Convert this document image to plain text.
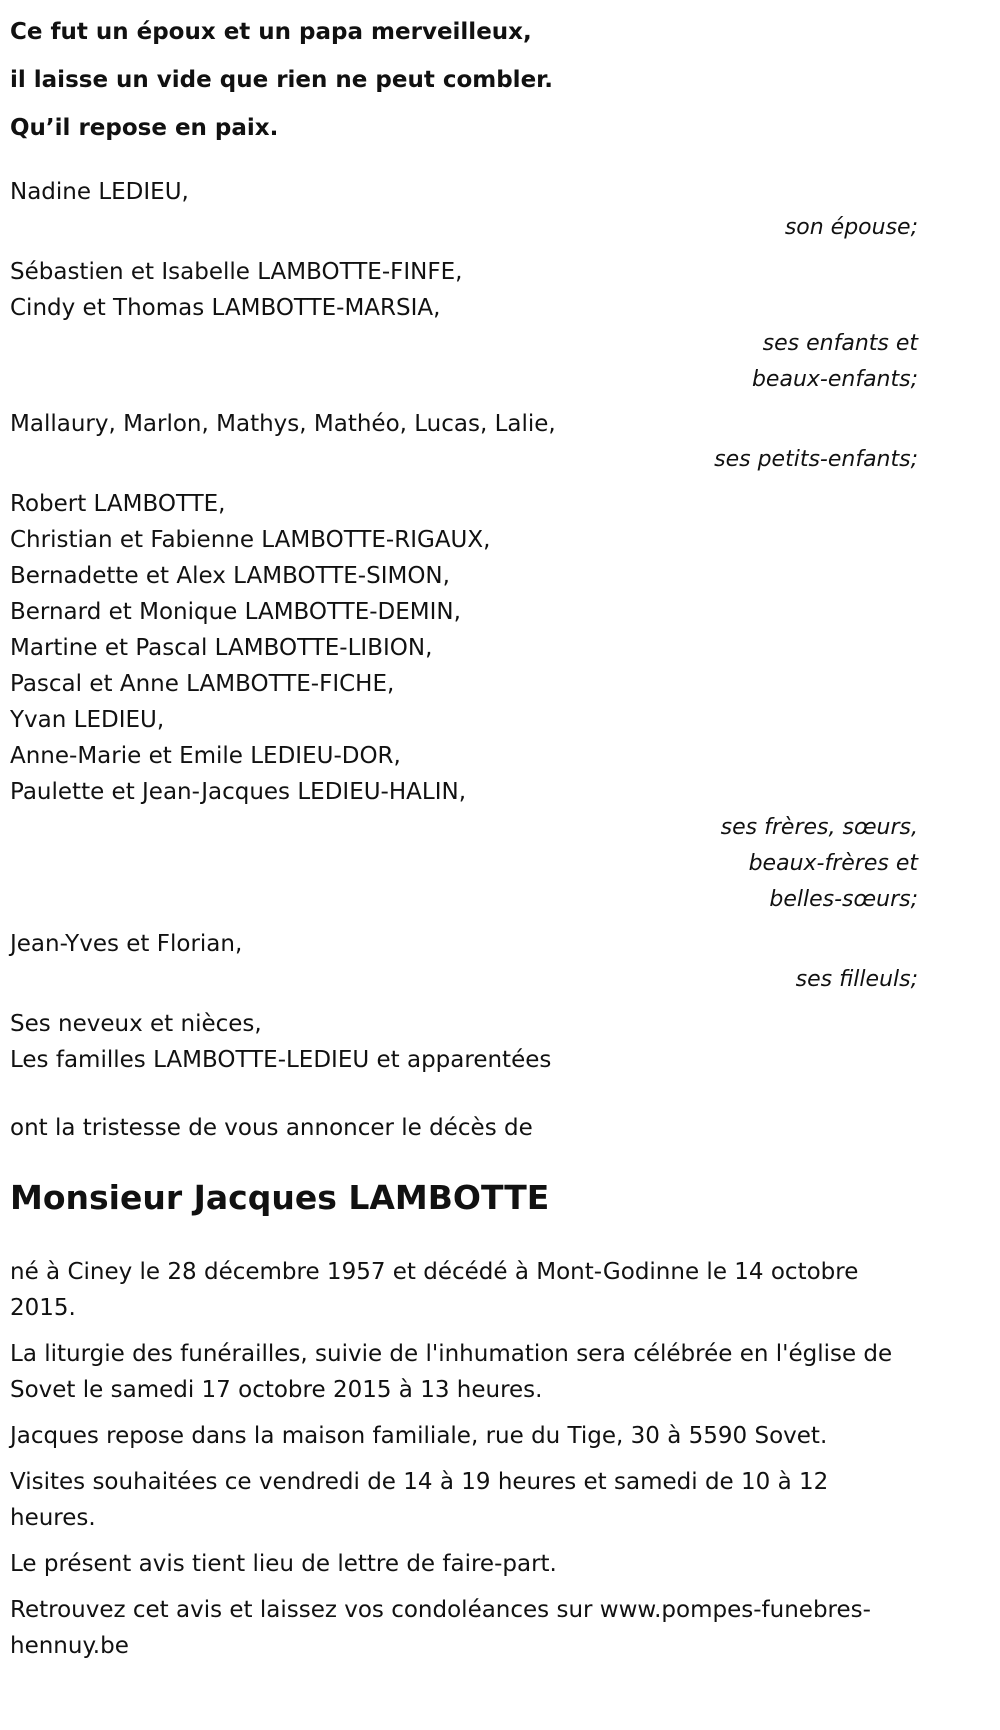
Ce fut un époux et un papa merveilleux,

il laisse un vide que rien ne peut combler.

Qu’il repose en paix.

Nadine LEDIEU,
son épouse;
Sébastien et Isabelle LAMBOTTE-FINFE,
Cindy et Thomas LAMBOTTE-MARSIA,
ses enfants et
beaux-enfants;
Mallaury, Marlon, Mathys, Mathéo, Lucas, Lalie,
ses petits-enfants;
Robert LAMBOTTE,
Christian et Fabienne LAMBOTTE-RIGAUX,
Bernadette et Alex LAMBOTTE-SIMON,
Bernard et Monique LAMBOTTE-DEMIN,
Martine et Pascal LAMBOTTE-LIBION,
Pascal et Anne LAMBOTTE-FICHE,
Yvan LEDIEU,
Anne-Marie et Emile LEDIEU-DOR,
Paulette et Jean-Jacques LEDIEU-HALIN,
ses frères, sœurs,
beaux-frères et
belles-sœurs;
Jean-Yves et Florian,
ses filleuls;
Ses neveux et nièces,
Les familles LAMBOTTE-LEDIEU et apparentées
ont la tristesse de vous annoncer le décès de
Monsieur Jacques LAMBOTTE

né à Ciney le 28 décembre 1957 et décédé à Mont-Godinne le 14 octobre 2015.

La liturgie des funérailles, suivie de l'inhumation sera célébrée en l'église de Sovet le samedi 17 octobre 2015 à 13 heures.

Jacques repose dans la maison familiale, rue du Tige, 30 à 5590 Sovet.

Visites souhaitées ce vendredi de 14 à 19 heures et samedi de 10 à 12 heures.

Le présent avis tient lieu de lettre de faire-part.

Retrouvez cet avis et laissez vos condoléances sur www.pompes-funebres-hennuy.be
